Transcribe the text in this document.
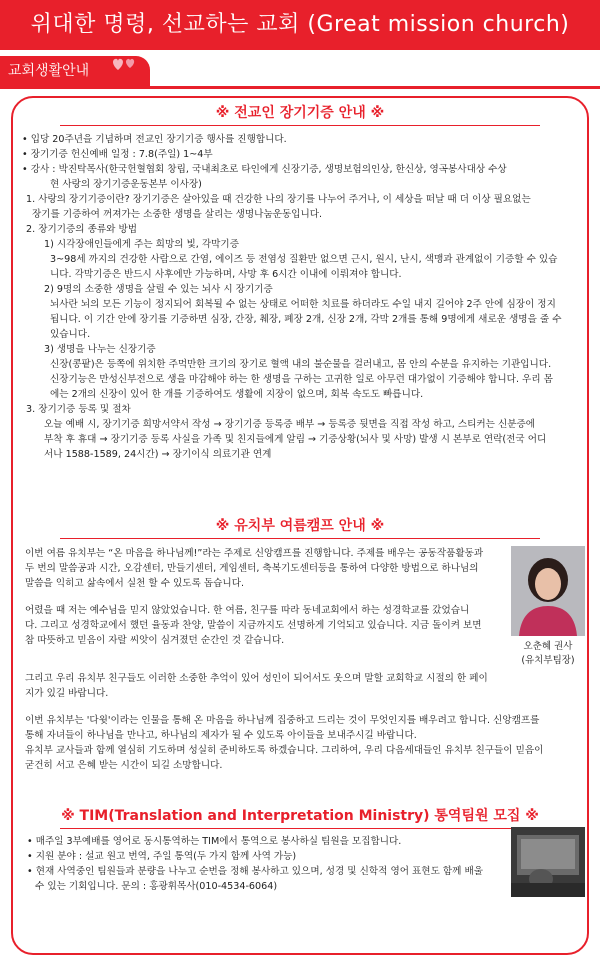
위대한 명령, 선교하는 교회 (Great mission church)
교회생활안내
※ 전교인 장기기증 안내 ※

• 입당 20주년을 기념하며 전교인 장기기증 행사를 진행합니다.

• 장기기증 헌신예배 일정 : 7.8(주일) 1~4부

• 강사 : 박진탁목사(한국헌혈협회 창립, 국내최초로 타인에게 신장기증, 생명보험의인상, 한신상, 영곡봉사대상 수상

현 사랑의 장기기증운동본부 이사장)

1. 사랑의 장기기증이란? 장기기증은 살아있을 때 건강한 나의 장기를 나누어 주거나, 이 세상을 떠날 때 더 이상 필요없는

장기를 기증하여 꺼져가는 소중한 생명을 살리는 생명나눔운동입니다.

2. 장기기증의 종류와 방법

1) 시각장애인들에게 주는 희망의 빛, 각막기증

3~98세 까지의 건강한 사람으로 간염, 에이즈 등 전염성 질환만 없으면 근시, 원시, 난시, 색맹과 관계없이 기증할 수 있습

니다. 각막기증은 반드시 사후에만 가능하며, 사망 후 6시간 이내에 이뤄져야 합니다.

2) 9명의 소중한 생명을 살릴 수 있는 뇌사 시 장기기증

뇌사란 뇌의 모든 기능이 정지되어 회복될 수 없는 상태로 어떠한 치료를 하더라도 수일 내지 길어야 2주 안에 심장이 정지

됩니다. 이 기간 안에 장기를 기증하면 심장, 간장, 췌장, 폐장 2개, 신장 2개, 각막 2개를 통해 9명에게 새로운 생명을 줄 수

있습니다.

3) 생명을 나누는 신장기증

신장(콩팥)은 등쪽에 위치한 주먹만한 크기의 장기로 혈액 내의 불순물을 걸러내고, 몸 안의 수분을 유지하는 기관입니다.

신장기능은 만성신부전으로 생을 마감해야 하는 한 생명을 구하는 고귀한 일로 아무런 대가없이 기증해야 합니다. 우리 몸

에는 2개의 신장이 있어 한 개를 기증하여도 생활에 지장이 없으며, 회복 속도도 빠릅니다.

3. 장기기증 등록 및 절차

오늘 예배 시, 장기기증 희망서약서 작성 → 장기기증 등록증 배부 → 등록증 뒷면을 직접 작성 하고, 스티커는 신분증에

부착 후 휴대 → 장기기증 등록 사실을 가족 및 친지들에게 알림 → 기증상황(뇌사 및 사망) 발생 시 본부로 연락(전국 어디

서나 1588-1589, 24시간) → 장기이식 의료기관 연계

※ 유치부 여름캠프 안내 ※

이번 여름 유치부는 “온 마음을 하나님께!”라는 주제로 신앙캠프를 진행합니다. 주제를 배우는 공동작품활동과

두 번의 말씀공과 시간, 오감센터, 만들기센터, 게임센터, 축복기도센터등을 통하여 다양한 방법으로 하나님의

말씀을 익히고 삶속에서 실천 할 수 있도록 돕습니다.

어렸을 때 저는 예수님을 믿지 않았었습니다. 한 여름, 친구를 따라 동네교회에서 하는 성경학교를 갔었습니

다. 그리고 성경학교에서 했던 율동과 찬양, 말씀이 지금까지도 선명하게 기억되고 있습니다. 지금 돌이켜 보면

참 따뜻하고 믿음이 자랄 씨앗이 심겨졌던 순간인 것 같습니다.

그리고 우리 유치부 친구들도 이러한 소중한 추억이 있어 성인이 되어서도 웃으며 말할 교회학교 시절의 한 페이

지가 있길 바랍니다.

이번 유치부는 '다윗'이라는 인물을 통해 온 마음을 하나님께 집중하고 드리는 것이 무엇인지를 배우려고 합니다. 신앙캠프를

통해 자녀들이 하나님을 만나고, 하나님의 제자가 될 수 있도록 아이들을 보내주시길 바랍니다.

유치부 교사들과 함께 열심히 기도하며 성실히 준비하도록 하겠습니다. 그리하여, 우리 다음세대들인 유치부 친구들이 믿음이

굳건히 서고 은혜 받는 시간이 되길 소망합니다.

오춘혜 권사
(유치부팀장)
※ TIM(Translation and Interpretation Ministry) 통역팀원 모집 ※

• 매주일 3부예배를 영어로 동시통역하는 TIM에서 통역으로 봉사하실 팀원을 모집합니다.

• 지원 분야 : 설교 원고 번역, 주일 통역(두 가지 함께 사역 가능)

• 현재 사역중인 팀원들과 분량을 나누고 순번을 정해 봉사하고 있으며, 성경 및 신학적 영어 표현도 함께 배울

수 있는 기회입니다. 문의 : 홍광휘목사(010-4534-6064)
